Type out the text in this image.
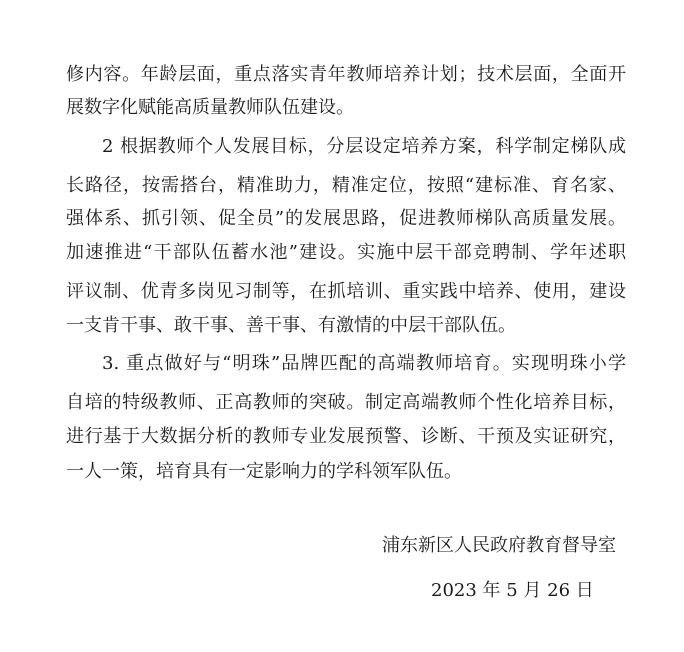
修内容。年龄层面，重点落实青年教师培养计划；技术层面，全面开
展数字化赋能高质量教师队伍建设。
2 根据教师个人发展目标，分层设定培养方案，科学制定梯队成
长路径，按需搭台，精准助力，精准定位，按照“建标准、育名家、
强体系、抓引领、促全员”的发展思路，促进教师梯队高质量发展。
加速推进“干部队伍蓄水池”建设。实施中层干部竞聘制、学年述职
评议制、优青多岗见习制等，在抓培训、重实践中培养、使用，建设
一支肯干事、敢干事、善干事、有激情的中层干部队伍。
3. 重点做好与“明珠”品牌匹配的高端教师培育。实现明珠小学
自培的特级教师、正高教师的突破。制定高端教师个性化培养目标，
进行基于大数据分析的教师专业发展预警、诊断、干预及实证研究，
一人一策，培育具有一定影响力的学科领军队伍。
浦东新区人民政府教育督导室
2023 年 5 月 26 日
